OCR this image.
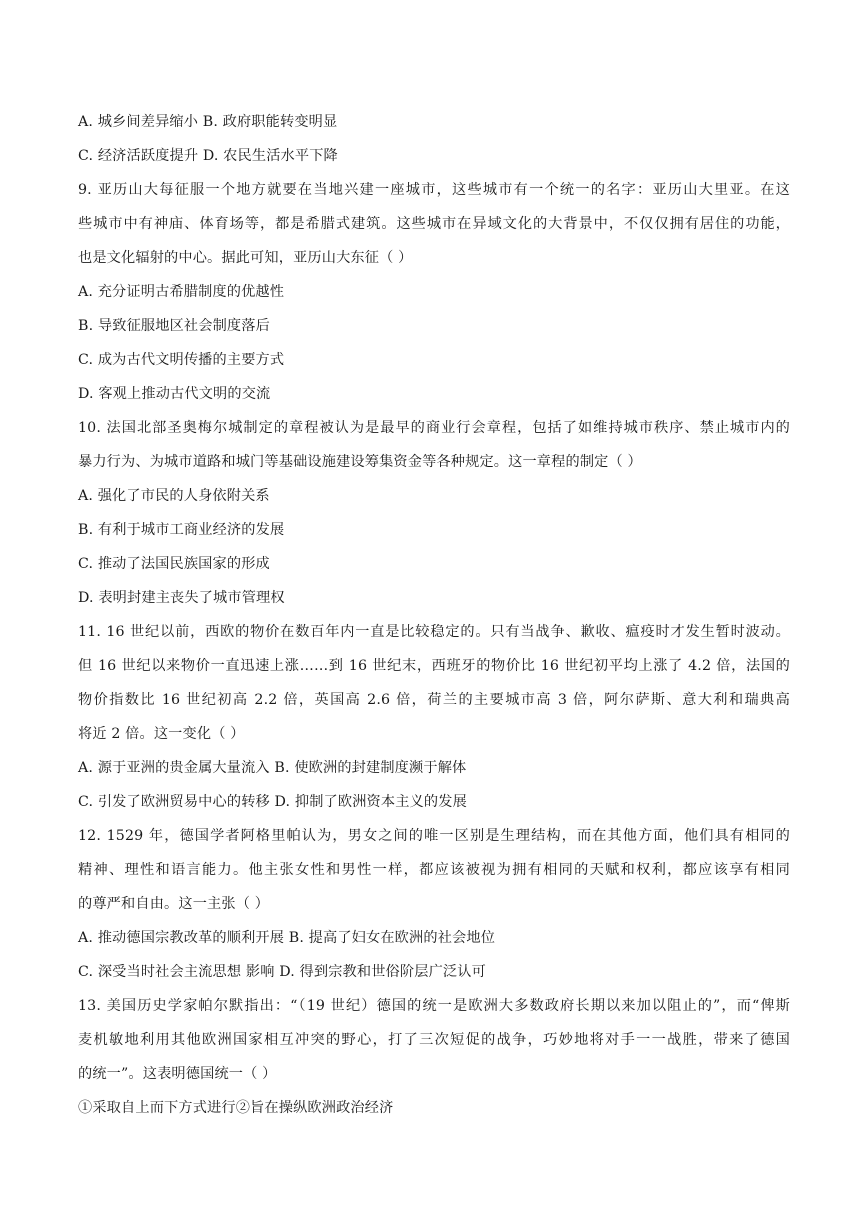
A. 城乡间差异缩小 B. 政府职能转变明显
C. 经济活跃度提升 D. 农民生活水平下降
9. 亚历山大每征服一个地方就要在当地兴建一座城市，这些城市有一个统一的名字：亚历山大里亚。在这
些城市中有神庙、体育场等，都是希腊式建筑。这些城市在异域文化的大背景中，不仅仅拥有居住的功能，
也是文化辐射的中心。据此可知，亚历山大东征（ ）
A. 充分证明古希腊制度的优越性
B. 导致征服地区社会制度落后
C. 成为古代文明传播的主要方式
D. 客观上推动古代文明的交流
10. 法国北部圣奥梅尔城制定的章程被认为是最早的商业行会章程，包括了如维持城市秩序、禁止城市内的
暴力行为、为城市道路和城门等基础设施建设筹集资金等各种规定。这一章程的制定（ ）
A. 强化了市民的人身依附关系
B. 有利于城市工商业经济的发展
C. 推动了法国民族国家的形成
D. 表明封建主丧失了城市管理权
11. 16 世纪以前，西欧的物价在数百年内一直是比较稳定的。只有当战争、歉收、瘟疫时才发生暂时波动。
但 16 世纪以来物价一直迅速上涨……到 16 世纪末，西班牙的物价比 16 世纪初平均上涨了 4.2 倍，法国的
物价指数比 16 世纪初高 2.2 倍，英国高 2.6 倍，荷兰的主要城市高 3 倍，阿尔萨斯、意大利和瑞典高
将近 2 倍。这一变化（ ）
A. 源于亚洲的贵金属大量流入 B. 使欧洲的封建制度濒于解体
C. 引发了欧洲贸易中心的转移 D. 抑制了欧洲资本主义的发展
12. 1529 年，德国学者阿格里帕认为，男女之间的唯一区别是生理结构，而在其他方面，他们具有相同的
精神、理性和语言能力。他主张女性和男性一样，都应该被视为拥有相同的天赋和权利，都应该享有相同
的尊严和自由。这一主张（ ）
A. 推动德国宗教改革的顺利开展 B. 提高了妇女在欧洲的社会地位
C. 深受当时社会主流思想 影响 D. 得到宗教和世俗阶层广泛认可
13. 美国历史学家帕尔默指出：“（19 世纪）德国的统一是欧洲大多数政府长期以来加以阻止的”，而“俾斯
麦机敏地利用其他欧洲国家相互冲突的野心，打了三次短促的战争，巧妙地将对手一一战胜，带来了德国
的统一”。这表明德国统一（ ）
①采取自上而下方式进行②旨在操纵欧洲政治经济
